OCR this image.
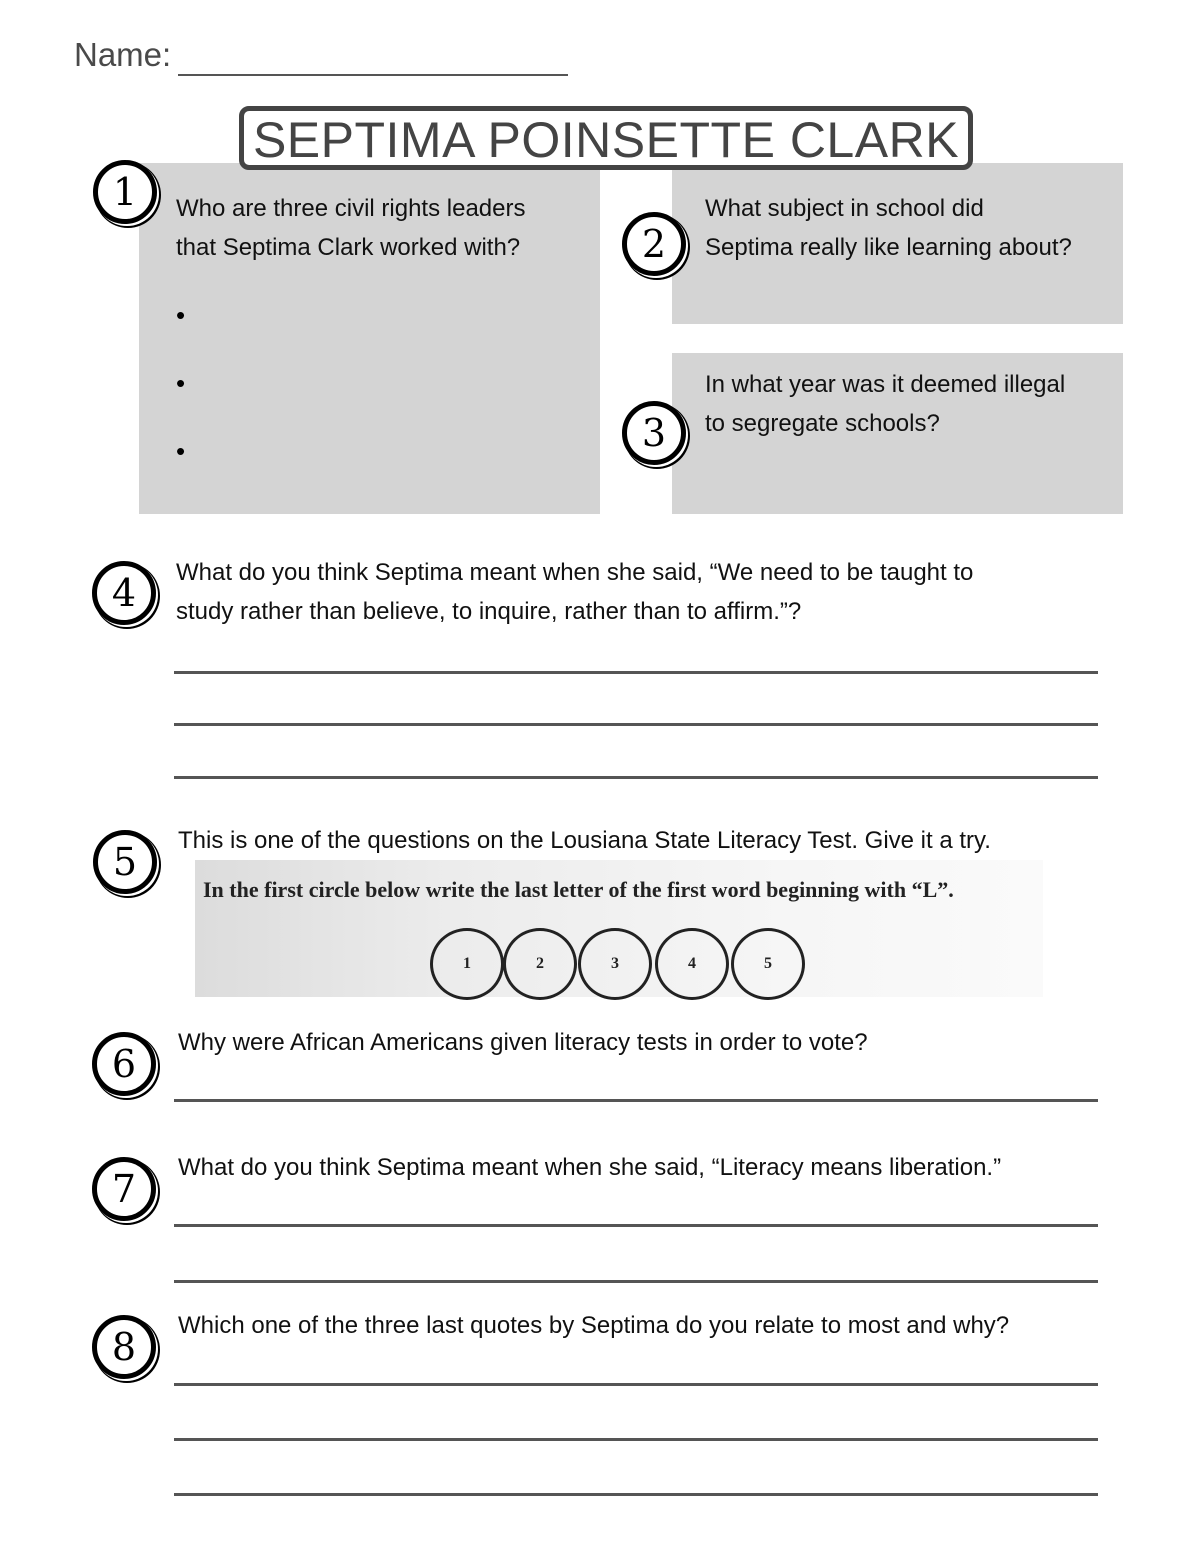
Name:
SEPTIMA POINSETTE CLARK
1	Who are three civil rights leaders
that Septima Clark worked with?
•
•
•
2
What subject in school did
Septima really like learning about?
3
In what year was it deemed illegal
to segregate schools?
4	What do you think Septima meant when she said, “We need to be taught to
study rather than believe, to inquire, rather than to affirm.”?
5	This is one of the questions on the Lousiana State Literacy Test. Give it a try.
In the first circle below write the last letter of the first word beginning with “L”.
1	2	3	4	5
6	Why were African Americans given literacy tests in order to vote?
7	What do you think Septima meant when she said, “Literacy means liberation.”
8	Which one of the three last quotes by Septima do you relate to most and why?
